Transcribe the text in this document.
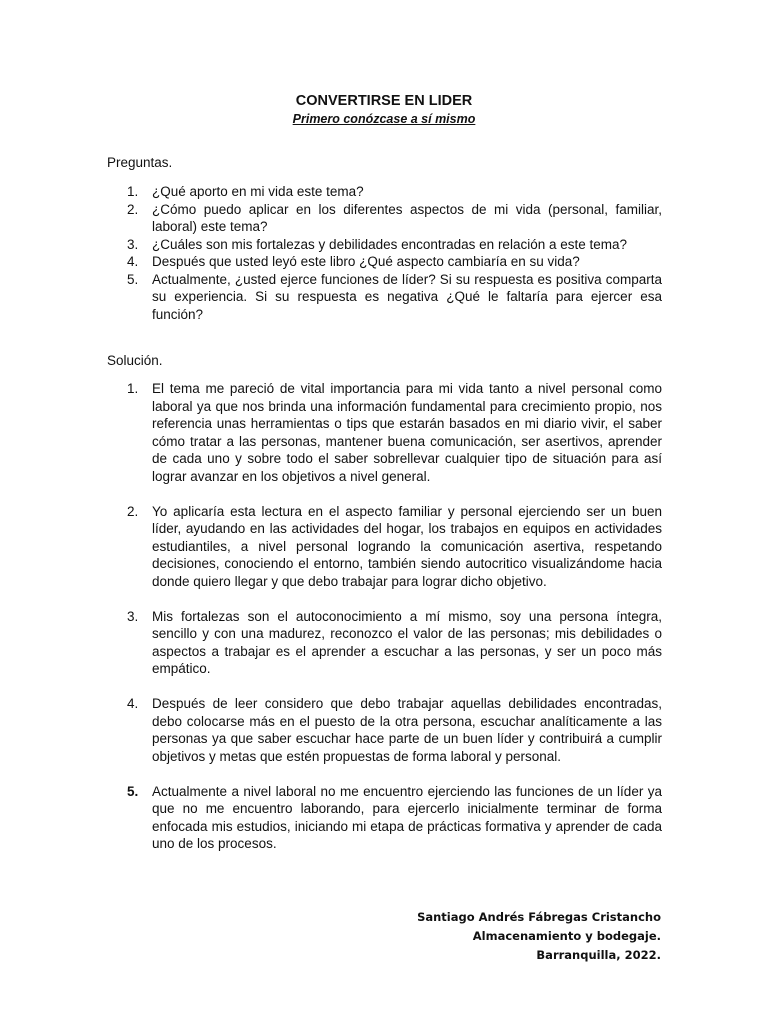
CONVERTIRSE EN LIDER
Primero conózcase a sí mismo
Preguntas.
1. ¿Qué aporto en mi vida este tema?
2. ¿Cómo puedo aplicar en los diferentes aspectos de mi vida (personal, familiar, laboral) este tema?
3. ¿Cuáles son mis fortalezas y debilidades encontradas en relación a este tema?
4. Después que usted leyó este libro ¿Qué aspecto cambiaría en su vida?
5. Actualmente, ¿usted ejerce funciones de líder? Si su respuesta es positiva comparta su experiencia. Si su respuesta es negativa ¿Qué le faltaría para ejercer esa función?
Solución.
1. El tema me pareció de vital importancia para mi vida tanto a nivel personal como laboral ya que nos brinda una información fundamental para crecimiento propio, nos referencia unas herramientas o tips que estarán basados en mi diario vivir, el saber cómo tratar a las personas, mantener buena comunicación, ser asertivos, aprender de cada uno y sobre todo el saber sobrellevar cualquier tipo de situación para así lograr avanzar en los objetivos a nivel general.
2. Yo aplicaría esta lectura en el aspecto familiar y personal ejerciendo ser un buen líder, ayudando en las actividades del hogar, los trabajos en equipos en actividades estudiantiles, a nivel personal logrando la comunicación asertiva, respetando decisiones, conociendo el entorno, también siendo autocritico visualizándome hacia donde quiero llegar y que debo trabajar para lograr dicho objetivo.
3. Mis fortalezas son el autoconocimiento a mí mismo, soy una persona íntegra, sencillo y con una madurez, reconozco el valor de las personas; mis debilidades o aspectos a trabajar es el aprender a escuchar a las personas, y ser un poco más empático.
4. Después de leer considero que debo trabajar aquellas debilidades encontradas, debo colocarse más en el puesto de la otra persona, escuchar analíticamente a las personas ya que saber escuchar hace parte de un buen líder y contribuirá a cumplir objetivos y metas que estén propuestas de forma laboral y personal.
5. Actualmente a nivel laboral no me encuentro ejerciendo las funciones de un líder ya que no me encuentro laborando, para ejercerlo inicialmente terminar de forma enfocada mis estudios, iniciando mi etapa de prácticas formativa y aprender de cada uno de los procesos.
Santiago Andrés Fábregas Cristancho
Almacenamiento y bodegaje.
Barranquilla, 2022.
